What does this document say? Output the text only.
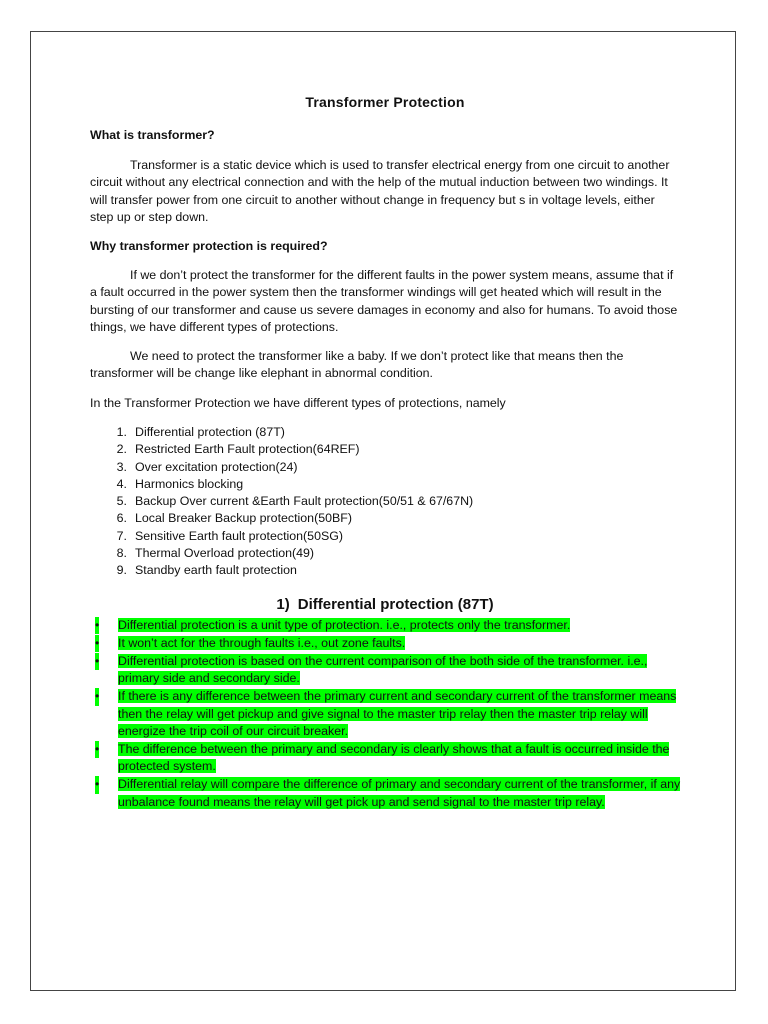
Transformer Protection
What is transformer?

Transformer is a static device which is used to transfer electrical energy from one circuit to another circuit without any electrical connection and with the help of the mutual induction between two windings. It will transfer power from one circuit to another without change in frequency but s in voltage levels, either step up or step down.

Why transformer protection is required?

If we don’t protect the transformer for the different faults in the power system means, assume that if a fault occurred in the power system then the transformer windings will get heated which will result in the bursting of our transformer and cause us severe damages in economy and also for humans. To avoid those things, we have different types of protections.

We need to protect the transformer like a baby. If we don’t protect like that means then the transformer will be change like elephant in abnormal condition.

In the Transformer Protection we have different types of protections, namely

1. Differential protection (87T)
2. Restricted Earth Fault protection(64REF)
3. Over excitation protection(24)
4. Harmonics blocking
5. Backup Over current &Earth Fault protection(50/51 & 67/67N)
6. Local Breaker Backup protection(50BF)
7. Sensitive Earth fault protection(50SG)
8. Thermal Overload protection(49)
9. Standby earth fault protection
1) Differential protection (87T)
• Differential protection is a unit type of protection. i.e., protects only the transformer.
• It won’t act for the through faults i.e., out zone faults.
• Differential protection is based on the current comparison of the both side of the transformer. i.e., primary side and secondary side.
• If there is any difference between the primary current and secondary current of the transformer means then the relay will get pickup and give signal to the master trip relay then the master trip relay will energize the trip coil of our circuit breaker.
• The difference between the primary and secondary is clearly shows that a fault is occurred inside the protected system.
• Differential relay will compare the difference of primary and secondary current of the transformer, if any unbalance found means the relay will get pick up and send signal to the master trip relay.
